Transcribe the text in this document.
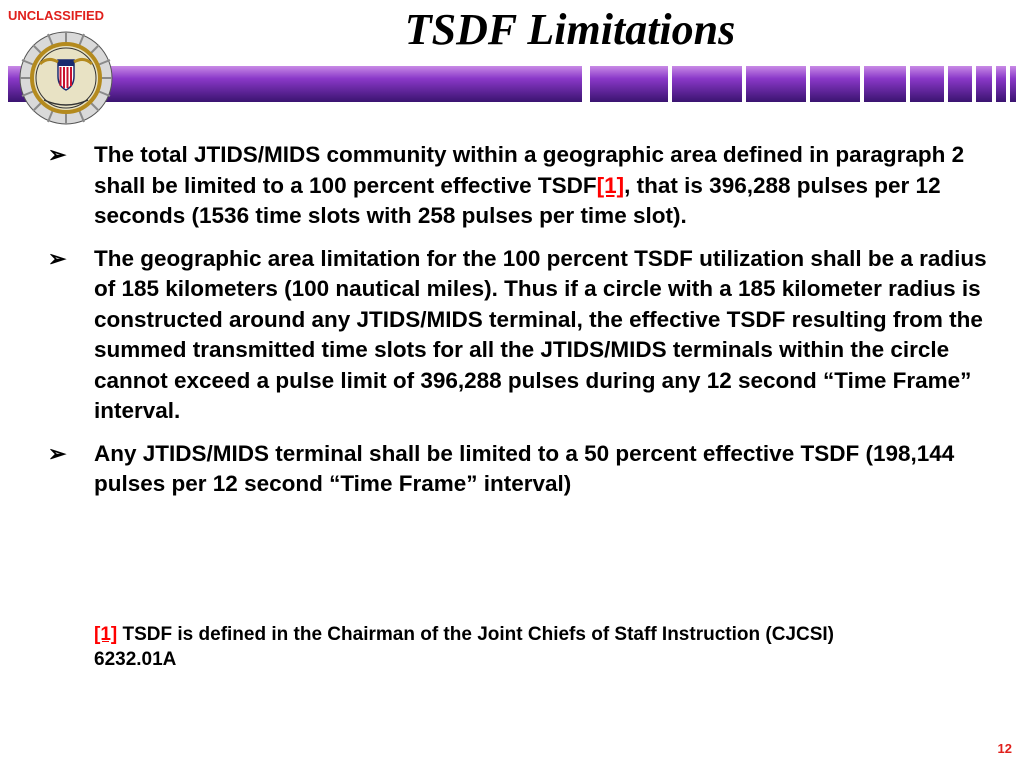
UNCLASSIFIED	TSDF Limitations
➢ The total JTIDS/MIDS community within a geographic area defined in paragraph 2 shall be limited to a 100 percent effective TSDF[1], that is 396,288 pulses per 12 seconds (1536 time slots with 258 pulses per time slot).
➢ The geographic area limitation for the 100 percent TSDF utilization shall be a radius of 185 kilometers (100 nautical miles). Thus if a circle with a 185 kilometer radius is constructed around any JTIDS/MIDS terminal, the effective TSDF resulting from the summed transmitted time slots for all the JTIDS/MIDS terminals within the circle cannot exceed a pulse limit of 396,288 pulses during any 12 second “Time Frame” interval.
➢ Any JTIDS/MIDS terminal shall be limited to a 50 percent effective TSDF (198,144 pulses per 12 second “Time Frame” interval)
[1] TSDF is defined in the Chairman of the Joint Chiefs of Staff Instruction (CJCSI) 6232.01A
12
